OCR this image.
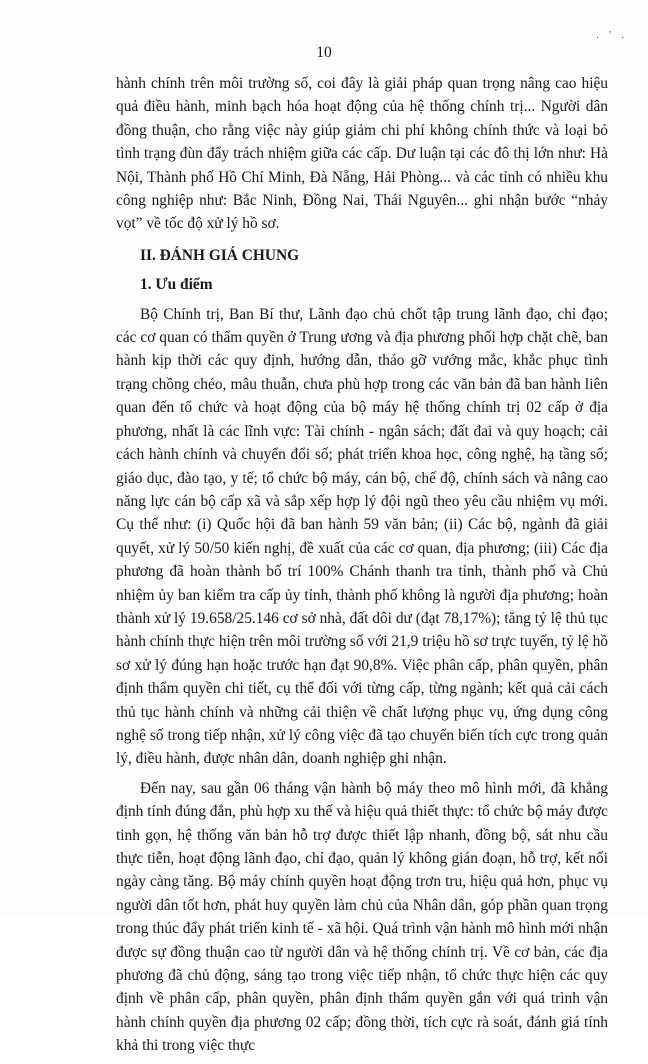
10
. ' .

hành chính trên môi trường số, coi đây là giải pháp quan trọng nâng cao hiệu quả điều hành, minh bạch hóa hoạt động của hệ thống chính trị... Người dân đồng thuận, cho rằng việc này giúp giảm chi phí không chính thức và loại bỏ tình trạng đùn đẩy trách nhiệm giữa các cấp. Dư luận tại các đô thị lớn như: Hà Nội, Thành phố Hồ Chí Minh, Đà Nẵng, Hải Phòng... và các tỉnh có nhiều khu công nghiệp như: Bắc Ninh, Đồng Nai, Thái Nguyên... ghi nhận bước “nhảy vọt” về tốc độ xử lý hồ sơ.

II. ĐÁNH GIÁ CHUNG
1. Ưu điểm

Bộ Chính trị, Ban Bí thư, Lãnh đạo chủ chốt tập trung lãnh đạo, chỉ đạo; các cơ quan có thẩm quyền ở Trung ương và địa phương phối hợp chặt chẽ, ban hành kịp thời các quy định, hướng dẫn, tháo gỡ vướng mắc, khắc phục tình trạng chồng chéo, mâu thuẫn, chưa phù hợp trong các văn bản đã ban hành liên quan đến tổ chức và hoạt động của bộ máy hệ thống chính trị 02 cấp ở địa phương, nhất là các lĩnh vực: Tài chính - ngân sách; đất đai và quy hoạch; cải cách hành chính và chuyển đổi số; phát triển khoa học, công nghệ, hạ tầng số; giáo dục, đào tạo, y tế; tổ chức bộ máy, cán bộ, chế độ, chính sách và nâng cao năng lực cán bộ cấp xã và sắp xếp hợp lý đội ngũ theo yêu cầu nhiệm vụ mới. Cụ thể như: (i) Quốc hội đã ban hành 59 văn bản; (ii) Các bộ, ngành đã giải quyết, xử lý 50/50 kiến nghị, đề xuất của các cơ quan, địa phương; (iii) Các địa phương đã hoàn thành bố trí 100% Chánh thanh tra tỉnh, thành phố và Chủ nhiệm ủy ban kiểm tra cấp ủy tỉnh, thành phố không là người địa phương; hoàn thành xử lý 19.658/25.146 cơ sở nhà, đất dôi dư (đạt 78,17%); tăng tỷ lệ thủ tục hành chính thực hiện trên môi trường số với 21,9 triệu hồ sơ trực tuyến, tỷ lệ hồ sơ xử lý đúng hạn hoặc trước hạn đạt 90,8%. Việc phân cấp, phân quyền, phân định thẩm quyền chi tiết, cụ thể đối với từng cấp, từng ngành; kết quả cải cách thủ tục hành chính và những cải thiện về chất lượng phục vụ, ứng dụng công nghệ số trong tiếp nhận, xử lý công việc đã tạo chuyển biến tích cực trong quản lý, điều hành, được nhân dân, doanh nghiệp ghi nhận.

Đến nay, sau gần 06 tháng vận hành bộ máy theo mô hình mới, đã khẳng định tính đúng đắn, phù hợp xu thế và hiệu quả thiết thực: tổ chức bộ máy được tinh gọn, hệ thống văn bản hỗ trợ được thiết lập nhanh, đồng bộ, sát nhu cầu thực tiễn, hoạt động lãnh đạo, chỉ đạo, quản lý không gián đoạn, hỗ trợ, kết nối ngày càng tăng. Bộ máy chính quyền hoạt động trơn tru, hiệu quả hơn, phục vụ người dân tốt hơn, phát huy quyền làm chủ của Nhân dân, góp phần quan trọng trong thúc đẩy phát triển kinh tế - xã hội. Quá trình vận hành mô hình mới nhận được sự đồng thuận cao từ người dân và hệ thống chính trị. Về cơ bản, các địa phương đã chủ động, sáng tạo trong việc tiếp nhận, tổ chức thực hiện các quy định về phân cấp, phân quyền, phân định thẩm quyền gắn với quá trình vận hành chính quyền địa phương 02 cấp; đồng thời, tích cực rà soát, đánh giá tính khả thi trong việc thực
